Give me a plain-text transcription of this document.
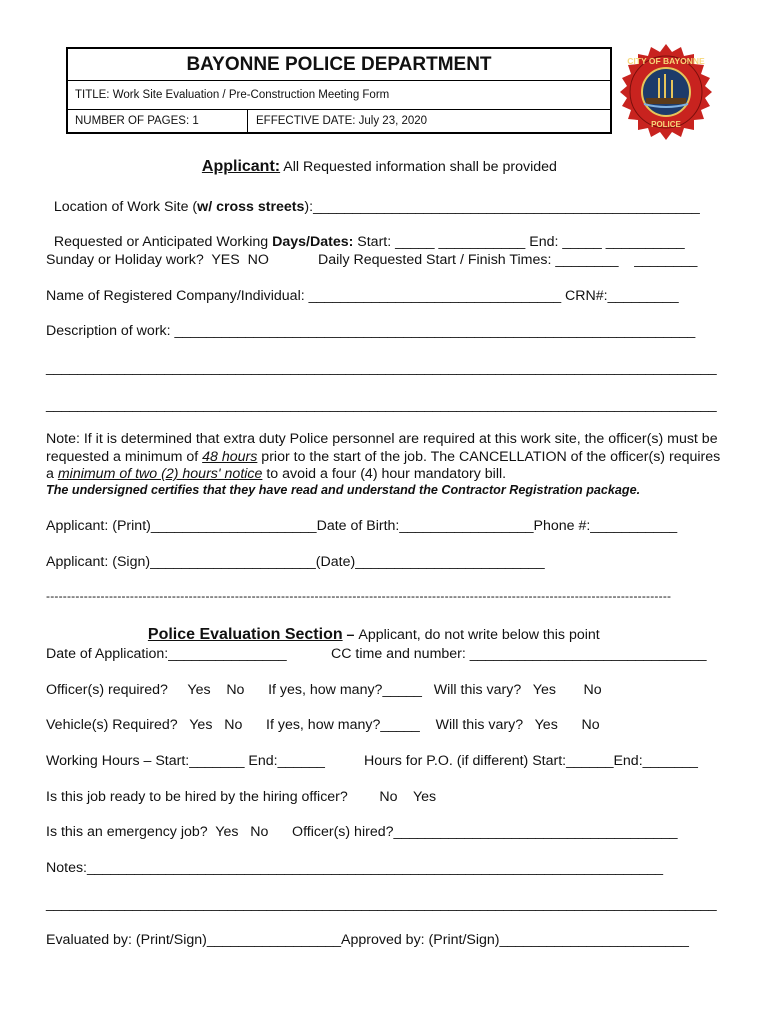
BAYONNE POLICE DEPARTMENT
TITLE: Work Site Evaluation / Pre-Construction Meeting Form
NUMBER OF PAGES: 1	EFFECTIVE DATE: July 23, 2020
CITY OF BAYONNE
POLICE

Applicant: All Requested information shall be provided

Location of Work Site (w/ cross streets):_________________________________________________

Requested or Anticipated Working Days/Dates: Start: _____ ___________ End: _____ __________

Sunday or Holiday work?  YES  NO	Daily Requested Start / Finish Times: ________    ________
Name of Registered Company/Individual: ________________________________ CRN#:_________
Description of work: __________________________________________________________________
_____________________________________________________________________________________
_____________________________________________________________________________________
Note: If it is determined that extra duty Police personnel are required at this work site, the officer(s) must be requested a minimum of 48 hours prior to the start of the job. The CANCELLATION of the officer(s) requires a minimum of two (2) hours' notice to avoid a four (4) hour mandatory bill.
The undersigned certifies that they have read and understand the Contractor Registration package.
Applicant: (Print)_____________________Date of Birth:_________________Phone #:___________
Applicant: (Sign)_____________________(Date)________________________
-----------------------------------------------------------------------------------------------------------------------------------------------------

Police Evaluation Section – Applicant, do not write below this point

Date of Application:_______________	CC time and number: ______________________________
Officer(s) required?     Yes    No      If yes, how many?_____   Will this vary?   Yes       No
Vehicle(s) Required?   Yes   No      If yes, how many?_____    Will this vary?   Yes      No
Working Hours – Start:_______ End:______	Hours for P.O. (if different) Start:______End:_______
Is this job ready to be hired by the hiring officer?        No    Yes
Is this an emergency job?  Yes   No      Officer(s) hired?____________________________________
Notes:_________________________________________________________________________
_____________________________________________________________________________________
Evaluated by: (Print/Sign)_________________Approved by: (Print/Sign)________________________
